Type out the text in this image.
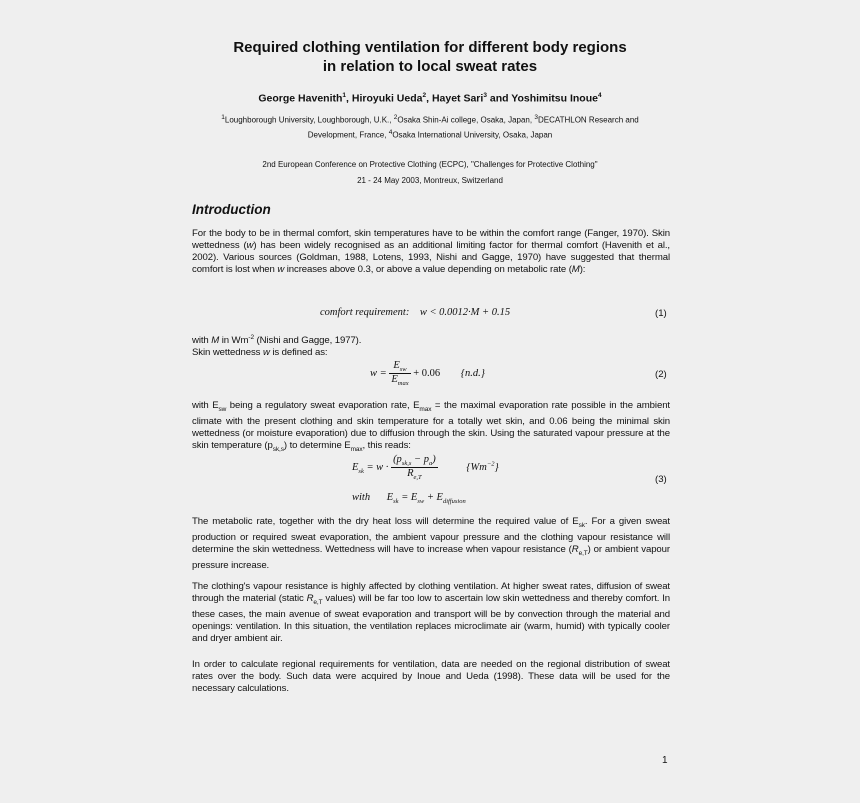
Required clothing ventilation for different body regions
in relation to local sweat rates
George Havenith$^1$, Hiroyuki Ueda$^2$, Hayet Sari$^3$ and Yoshimitsu Inoue$^4$
$^1$Loughborough University, Loughborough, U.K., $^2$Osaka Shin-Ai college, Osaka, Japan, $^3$DECATHLON Research and
Development, France, $^4$Osaka International University, Osaka, Japan
2nd European Conference on Protective Clothing (ECPC), "Challenges for Protective Clothing"
21 - 24 May 2003, Montreux, Switzerland
Introduction
For the body to be in thermal comfort, skin temperatures have to be within the comfort range (Fanger, 1970). Skin wettedness (w) has been widely recognised as an additional limiting factor for thermal comfort (Havenith et al., 2002). Various sources (Goldman, 1988, Lotens, 1993, Nishi and Gagge, 1970) have suggested that thermal comfort is lost when w increases above 0.3, or above a value depending on metabolic rate (M):
comfort requirement:    w < 0.0012·M + 0.15	(1)
with M in $Wm^{-2}$ (Nishi and Gagge, 1977).
Skin wettedness w is defined as:
$w = \frac{E_{sw}}{E_{max}} + 0.06$ {n.d.}	(2)
with $E_{sw}$ being a regulatory sweat evaporation rate, $E_{max}$ = the maximal evaporation rate possible in the ambient climate with the present clothing and skin temperature for a totally wet skin, and 0.06 being the minimal skin wettedness (or moisture evaporation) due to diffusion through the skin. Using the saturated vapour pressure at the skin temperature $(p_{sk,s})$ to determine $E_{max}$, this reads:
$E_{sk} = w \cdot \frac{(p_{sk,s} - p_a)}{R_{e,T}}$	$\{Wm^{-2}\}$
(3)
with $E_{sk} = E_{sw} + E_{diffusion}$
The metabolic rate, together with the dry heat loss will determine the required value of $E_{sk}$. For a given sweat production or required sweat evaporation, the ambient vapour pressure and the clothing vapour resistance will determine the skin wettedness. Wettedness will have to increase when vapour resistance $(R_{e,T})$ or ambient vapour pressure increase.
The clothing's vapour resistance is highly affected by clothing ventilation. At higher sweat rates, diffusion of sweat through the material (static $R_{e,T}$ values) will be far too low to ascertain low skin wettedness and thereby comfort. In these cases, the main avenue of sweat evaporation and transport will be by convection through the material and openings: ventilation. In this situation, the ventilation replaces microclimate air (warm, humid) with typically cooler and dryer ambient air.
In order to calculate regional requirements for ventilation, data are needed on the regional distribution of sweat rates over the body. Such data were acquired by Inoue and Ueda (1998). These data will be used for the necessary calculations.
1
